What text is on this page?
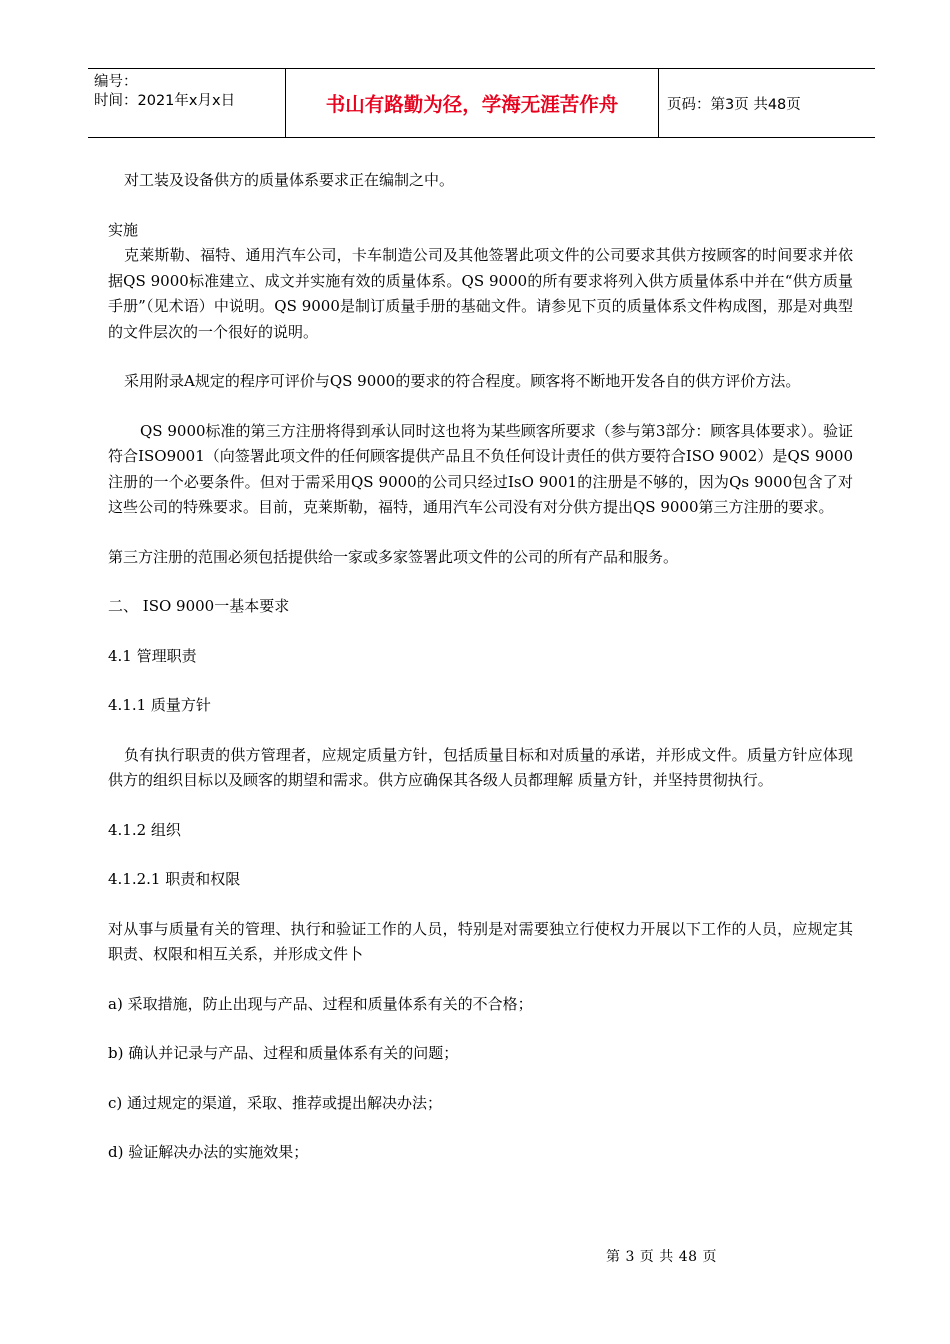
编号：
时间：2021年x月x日	书山有路勤为径，学海无涯苦作舟	页码：第3页 共48页

对工装及设备供方的质量体系要求正在编制之中。

实施

克莱斯勒、福特、通用汽车公司，卡车制造公司及其他签署此项文件的公司要求其供方按顾客的时间要求并依据QS 9000标准建立、成文并实施有效的质量体系。QS 9000的所有要求将列入供方质量体系中并在“供方质量手册”（见术语）中说明。QS 9000是制订质量手册的基础文件。请参见下页的质量体系文件构成图，那是对典型的文件层次的一个很好的说明。

采用附录A规定的程序可评价与QS 9000的要求的符合程度。顾客将不断地开发各自的供方评价方法。

QS 9000标准的第三方注册将得到承认同时这也将为某些顾客所要求（参与第3部分：顾客具体要求）。验证符合ISO9001（向签署此项文件的任何顾客提供产品且不负任何设计责任的供方要符合ISO 9002）是QS 9000注册的一个必要条件。但对于需采用QS 9000的公司只经过IsO 9001的注册是不够的，因为Qs 9000包含了对这些公司的特殊要求。目前，克莱斯勒，福特，通用汽车公司没有对分供方提出QS 9000第三方注册的要求。

第三方注册的范围必须包括提供给一家或多家签署此项文件的公司的所有产品和服务。

二、 ISO 9000一基本要求

4.1 管理职责

4.1.1 质量方针

负有执行职责的供方管理者，应规定质量方针，包括质量目标和对质量的承诺，并形成文件。质量方针应体现供方的组织目标以及顾客的期望和需求。供方应确保其各级人员都理解 质量方针，并坚持贯彻执行。

4.1.2 组织

4.1.2.1 职责和权限

对从事与质量有关的管理、执行和验证工作的人员，特别是对需要独立行使权力开展以下工作的人员，应规定其职责、权限和相互关系，并形成文件卜

a) 采取措施，防止出现与产品、过程和质量体系有关的不合格；

b) 确认并记录与产品、过程和质量体系有关的问题；

c) 通过规定的渠道，采取、推荐或提出解决办法；

d) 验证解决办法的实施效果；

第 3 页 共 48 页
